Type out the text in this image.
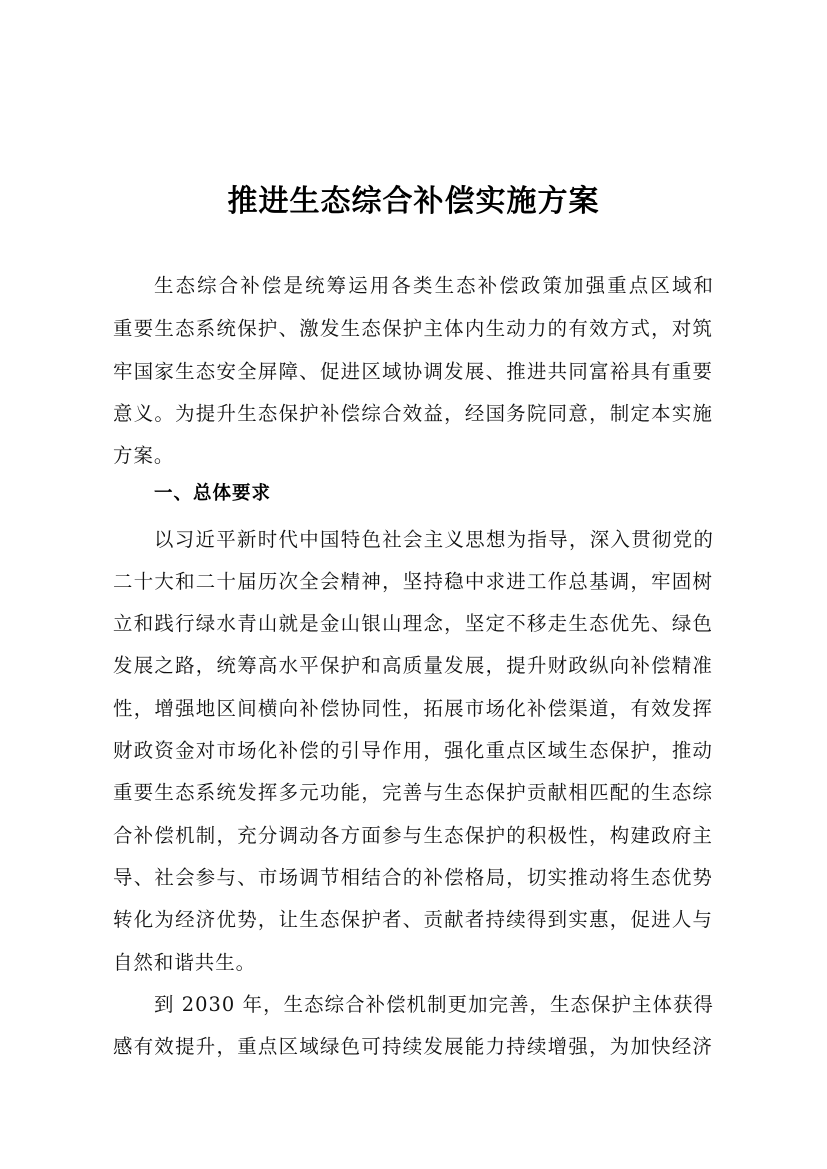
推进生态综合补偿实施方案
生态综合补偿是统筹运用各类生态补偿政策加强重点区域和
重要生态系统保护、激发生态保护主体内生动力的有效方式，对筑
牢国家生态安全屏障、促进区域协调发展、推进共同富裕具有重要
意义。为提升生态保护补偿综合效益，经国务院同意，制定本实施
方案。
一、总体要求
以习近平新时代中国特色社会主义思想为指导，深入贯彻党的
二十大和二十届历次全会精神，坚持稳中求进工作总基调，牢固树
立和践行绿水青山就是金山银山理念，坚定不移走生态优先、绿色
发展之路，统筹高水平保护和高质量发展，提升财政纵向补偿精准
性，增强地区间横向补偿协同性，拓展市场化补偿渠道，有效发挥
财政资金对市场化补偿的引导作用，强化重点区域生态保护，推动
重要生态系统发挥多元功能，完善与生态保护贡献相匹配的生态综
合补偿机制，充分调动各方面参与生态保护的积极性，构建政府主
导、社会参与、市场调节相结合的补偿格局，切实推动将生态优势
转化为经济优势，让生态保护者、贡献者持续得到实惠，促进人与
自然和谐共生。
到 2030 年，生态综合补偿机制更加完善，生态保护主体获得
感有效提升，重点区域绿色可持续发展能力持续增强，为加快经济
